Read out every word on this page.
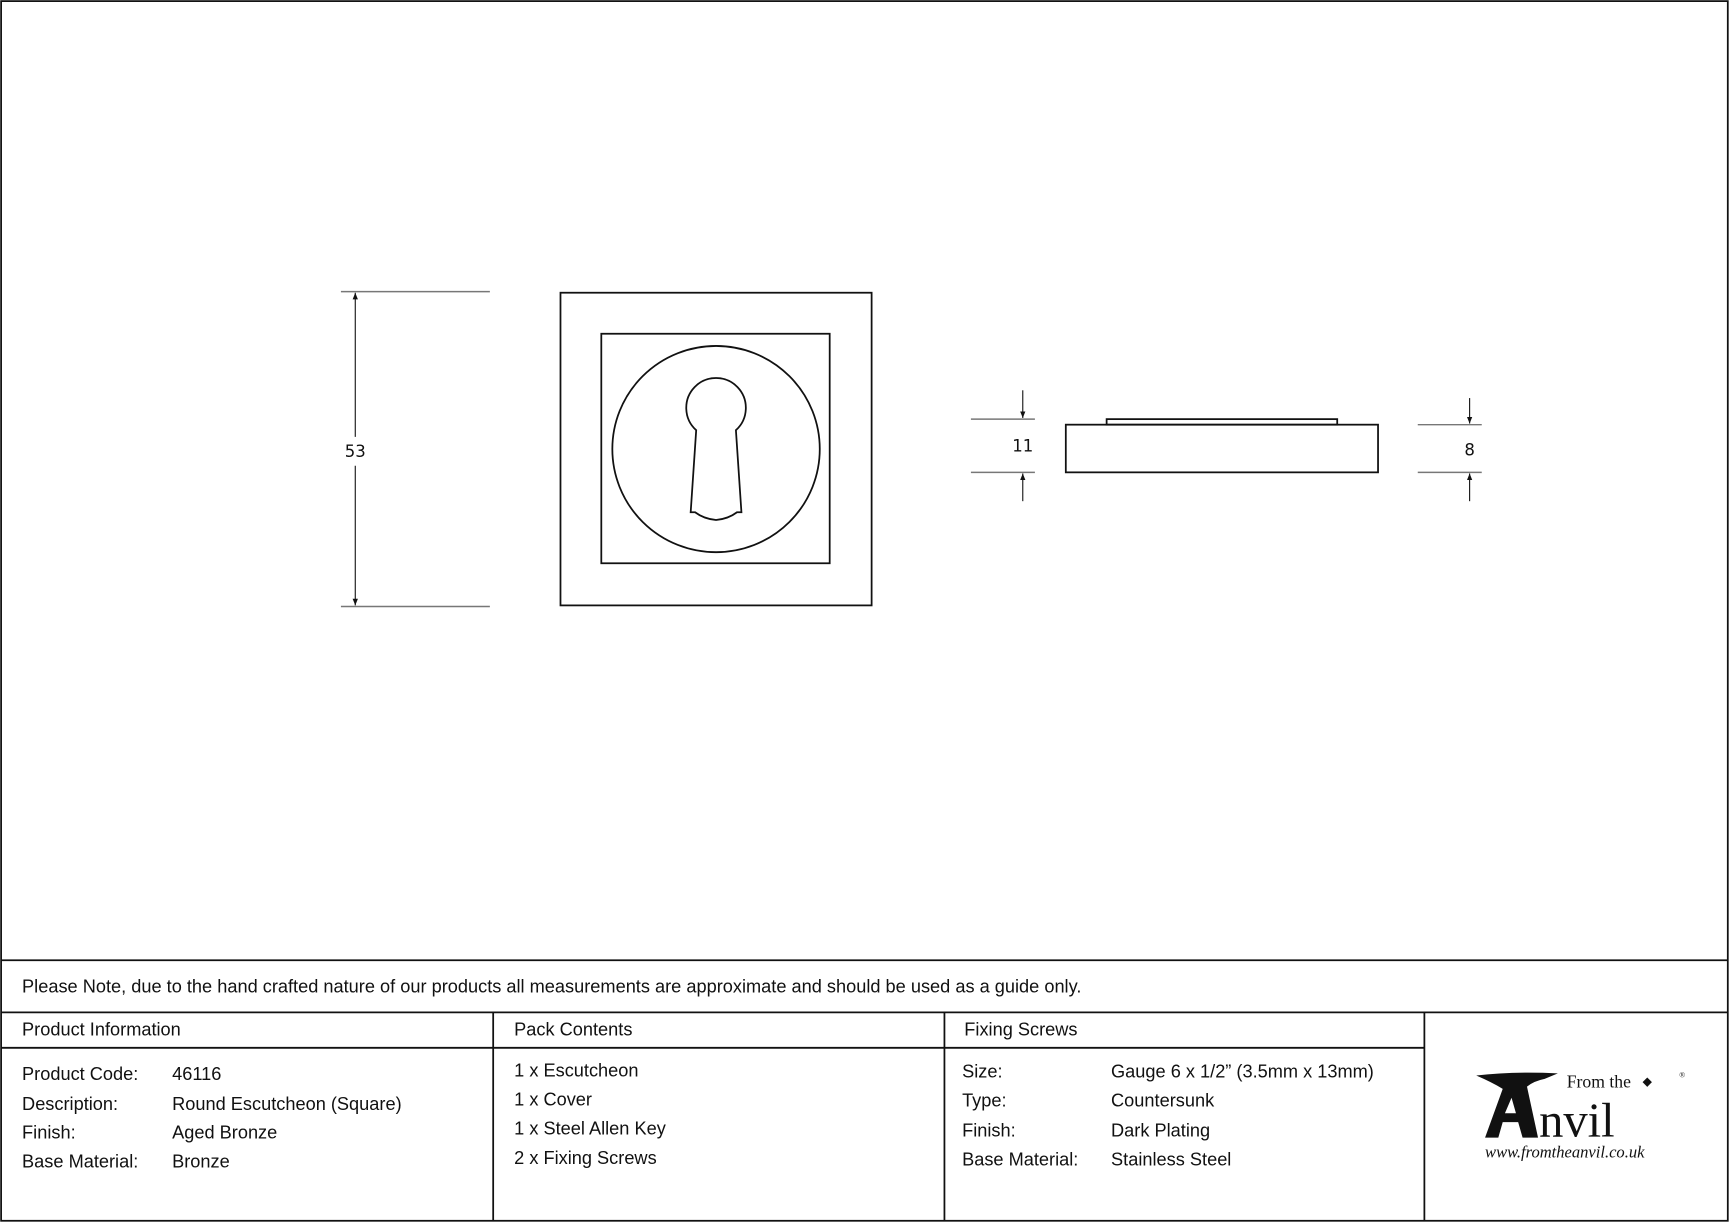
53	11	8
Please Note, due to the hand crafted nature of our products all measurements are approximate and should be used as a guide only.
Product Information
Product Code: 46116
Description:	Round Escutcheon (Square)
Finish:	Aged Bronze
Base Material: Bronze
Pack Contents
1 x Escutcheon
1 x Cover
1 x Steel Allen Key
2 x Fixing Screws
Fixing Screws
Size:	Gauge 6 x 1/2” (3.5mm x 13mm)
Type:	Countersunk
Finish:	Dark Plating
Base Material: Stainless Steel
From the	®
nvil
www.fromtheanvil.co.uk
